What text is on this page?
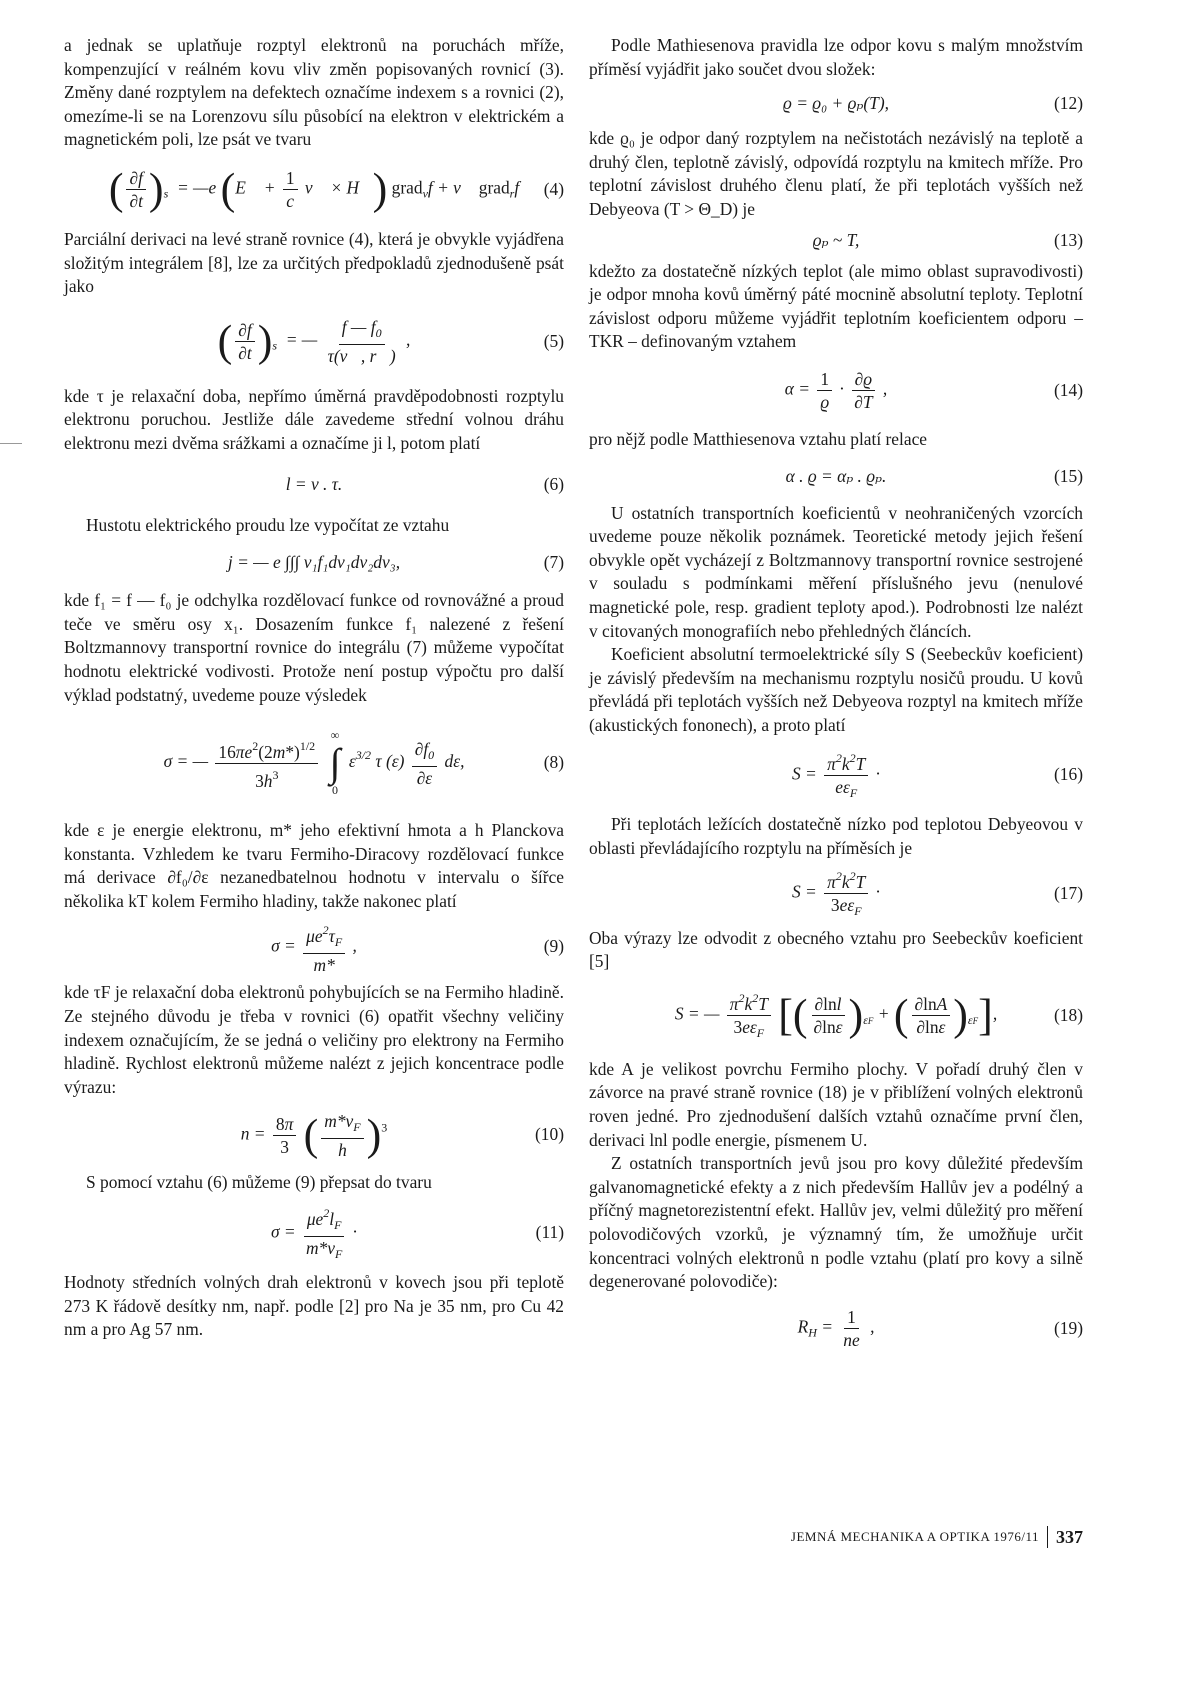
a jednak se uplatňuje rozptyl elektronů na poruchách mříže, kompenzující v reálném kovu vliv změn popisovaných rovnicí (3). Změny dané rozptylem na defektech označíme indexem s a rovnici (2), omezíme-li se na Lorenzovu sílu působící na elektron v elektrickém a magnetickém poli, lze psát ve tvaru

( $\frac{\partial f}{\partial t} )_s$  = —e (E⃗ + $\frac{1}{c}$ v⃗ × H⃗) grad$_v$f + v⃗ grad$_r$f (4)

Parciální derivaci na levé straně rovnice (4), která je obvykle vyjádřena složitým integrálem [8], lze za určitých předpokladů zjednodušeně psát jako

( $\frac{\partial f}{\partial t} )_s$  = — $\frac{f — f_0}{\tau(v⃗, r⃗)}$ ,	(5)

kde τ je relaxační doba, nepřímo úměrná pravděpodobnosti rozptylu elektronu poruchou. Jestliže dále zavedeme střední volnou dráhu elektronu mezi dvěma srážkami a označíme ji l, potom platí

l = v . τ.	(6)

Hustotu elektrického proudu lze vypočítat ze vztahu

j = — e ∫∫∫ v₁f₁dv₁dv₂dv₃,	(7)

kde f₁ = f — f₀ je odchylka rozdělovací funkce od rovnovážné a proud teče ve směru osy x₁. Dosazením funkce f₁ nalezené z řešení Boltzmannovy transportní rovnice do integrálu (7) můžeme vypočítat hodnotu elektrické vodivosti. Protože není postup výpočtu pro další výklad podstatný, uvedeme pouze výsledek

σ = — $\frac{16\pi e^2(2m*)^{1/2}}{3h^3}$
∞
∫
0
$\varepsilon^{3/2}$ τ $(\varepsilon) \frac{\partial f_0}{\partial\varepsilon} d\varepsilon$,	(8)

kde ε je energie elektronu, m* jeho efektivní hmota a h Planckova konstanta. Vzhledem ke tvaru Fermiho-Diracovy rozdělovací funkce má derivace ∂f₀/∂ε nezanedbatelnou hodnotu v intervalu o šířce několika kT kolem Fermiho hladiny, takže nakonec platí

$\sigma = \frac{\mu e^2\tau_F}{m*}$ ,	(9)

kde τF je relaxační doba elektronů pohybujících se na Fermiho hladině. Ze stejného důvodu je třeba v rovnici (6) opatřit všechny veličiny indexem označujícím, že se jedná o veličiny pro elektrony na Fermiho hladině. Rychlost elektronů můžeme nalézt z jejich koncentrace podle výrazu:

$n = \frac{8\pi}{3}$ ( $\frac{m*v_F}{h} )^3$	(10)

S pomocí vztahu (6) můžeme (9) přepsat do tvaru

$\sigma = \frac{\mu e^2l_F}{m*v_F}$ ·	(11)

Hodnoty středních volných drah elektronů v kovech jsou při teplotě 273 K řádově desítky nm, např. podle [2] pro Na je 35 nm, pro Cu 42 nm a pro Ag 57 nm.

Podle Mathiesenova pravidla lze odpor kovu s malým množstvím příměsí vyjádřit jako součet dvou složek:

ϱ = ϱ₀ + ϱₚ(T),	(12)

kde ϱ₀ je odpor daný rozptylem na nečistotách nezávislý na teplotě a druhý člen, teplotně závislý, odpovídá rozptylu na kmitech mříže. Pro teplotní závislost druhého členu platí, že při teplotách vyšších než Debyeova (T > Θ_D) je

ϱₚ ~ T,	(13)

kdežto za dostatečně nízkých teplot (ale mimo oblast supravodivosti) je odpor mnoha kovů úměrný páté mocnině absolutní teploty. Teplotní závislost odporu můžeme vyjádřit teplotním koeficientem odporu – TKR – definovaným vztahem

$\alpha = \frac{1}{ϱ} \cdot \frac{\partial ϱ}{\partial T}$ ,	(14)

pro nějž podle Matthiesenova vztahu platí relace

α . ϱ = αₚ . ϱₚ.	(15)

U ostatních transportních koeficientů v neohraničených vzorcích uvedeme pouze několik poznámek. Teoretické metody jejich řešení obvykle opět vycházejí z Boltzmannovy transportní rovnice sestrojené v souladu s podmínkami měření příslušného jevu (nenulové magnetické pole, resp. gradient teploty apod.). Podrobnosti lze nalézt v citovaných monografiích nebo přehledných článcích.

Koeficient absolutní termoelektrické síly S (Seebeckův koeficient) je závislý především na mechanismu rozptylu nosičů proudu. U kovů převládá při teplotách vyšších než Debyeova rozptyl na kmitech mříže (akustických fononech), a proto platí

$S = \frac{\pi^2k^2T}{e\varepsilon_F}$ ·	(16)

Při teplotách ležících dostatečně nízko pod teplotou Debyeovou v oblasti převládajícího rozptylu na příměsích je

$S = \frac{\pi^2k^2T}{3e\varepsilon_F}$ ·	(17)

Oba výrazy lze odvodit z obecného vztahu pro Seebeckův koeficient [5]

S = — $\frac{\pi^2k^2T}{3e\varepsilon_F}$ [( $\frac{\partial\ln l}{\partial\ln\varepsilon} )_{\varepsilon F}$ + ( $\frac{\partial\ln A}{\partial\ln\varepsilon} )_{\varepsilon F}$],	(18)

kde A je velikost povrchu Fermiho plochy. V pořadí druhý člen v závorce na pravé straně rovnice (18) je v přiblížení volných elektronů roven jedné. Pro zjednodušení dalších vztahů označíme první člen, derivaci lnl podle energie, písmenem U.

Z ostatních transportních jevů jsou pro kovy důležité především galvanomagnetické efekty a z nich především Hallův jev a podélný a příčný magnetorezistentní efekt. Hallův jev, velmi důležitý pro měření polovodičových vzorků, je významný tím, že umožňuje určit koncentraci volných elektronů n podle vztahu (platí pro kovy a silně degenerované polovodiče):

$R_H = \frac{1}{ne}$ ,	(19)
JEMNÁ MECHANIKA A OPTIKA 1976/11 337
